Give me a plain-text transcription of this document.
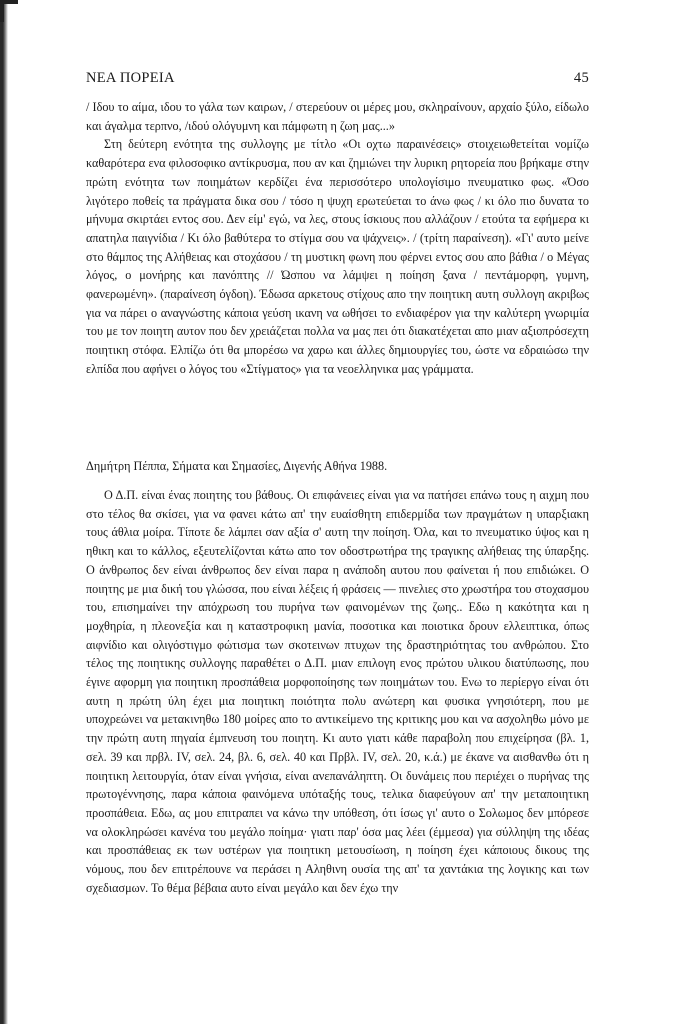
ΝΕΑ ΠΟΡΕΙΑ	45

/ Ιδου το αίμα, ιδου το γάλα των καιρων, / στερεύουν οι μέρες μου, σκληραίνουν, αρχαίο ξύλο, είδωλο και άγαλμα τερπνο, /ιδού ολόγυμνη και πάμφωτη η ζωη μας...»

Στη δεύτερη ενότητα της συλλογης με τίτλο «Οι οχτω παραινέσεις» στοιχειωθετείται νομίζω καθαρότερα ενα φιλοσοφικο αντίκρυσμα, που αν και ζημιώνει την λυρικη ρητορεία που βρήκαμε στην πρώτη ενότητα των ποιημάτων κερδίζει ένα περισσότερο υπολογίσιμο πνευματικο φως. «Όσο λιγότερο ποθείς τα πράγματα δικα σου / τόσο η ψυχη ερωτεύεται το άνω φως / κι όλο πιο δυνατα το μήνυμα σκιρτάει εντος σου. Δεν είμ' εγώ, να λες, στους ίσκιους που αλλάζουν / ετούτα τα εφήμερα κι απατηλα παιγνίδια / Κι όλο βαθύτερα το στίγμα σου να ψάχνεις». / (τρίτη παραίνεση). «Γι' αυτο μείνε στο θάμπος της Αλήθειας και στοχάσου / τη μυστικη φωνη που φέρνει εντος σου απο βάθια / ο Μέγας λόγος, ο μονήρης και πανόπτης // Ώσπου να λάμψει η ποίηση ξανα / πεντάμορφη, γυμνη, φανερωμένη». (παραίνεση όγδοη). Έδωσα αρκετους στίχους απο την ποιητικη αυτη συλλογη ακριβως για να πάρει ο αναγνώστης κάποια γεύση ικανη να ωθήσει το ενδιαφέρον για την καλύτερη γνωριμία του με τον ποιητη αυτον που δεν χρειάζεται πολλα να μας πει ότι διακατέχεται απο μιαν αξιοπρόσεχτη ποιητικη στόφα. Ελπίζω ότι θα μπορέσω να χαρω και άλλες δημιουργίες του, ώστε να εδραιώσω την ελπίδα που αφήνει ο λόγος του «Στίγματος» για τα νεοελληνικα μας γράμματα.

Δημήτρη Πέππα, Σήματα και Σημασίες, Διγενής Αθήνα 1988.

Ο Δ.Π. είναι ένας ποιητης του βάθους. Οι επιφάνειες είναι για να πατήσει επάνω τους η αιχμη που στο τέλος θα σκίσει, για να φανει κάτω απ' την ευαίσθητη επιδερμίδα των πραγμάτων η υπαρξιακη τους άθλια μοίρα. Τίποτε δε λάμπει σαν αξία σ' αυτη την ποίηση. Όλα, και το πνευματικο ύψος και η ηθικη και το κάλλος, εξευτελίζονται κάτω απο τον οδοστρωτήρα της τραγικης αλήθειας της ύπαρξης. Ο άνθρωπος δεν είναι άνθρωπος δεν είναι παρα η ανάποδη αυτου που φαίνεται ή που επιδιώκει. Ο ποιητης με μια δική του γλώσσα, που είναι λέξεις ή φράσεις — πινελιες στο χρωστήρα του στοχασμου του, επισημαίνει την απόχρωση του πυρήνα των φαινομένων της ζωης.. Εδω η κακότητα και η μοχθηρία, η πλεονεξία και η καταστροφικη μανία, ποσοτικα και ποιοτικα δρουν ελλειπτικα, όπως αιφνίδιο και ολιγόστιγμο φώτισμα των σκοτεινων πτυχων της δραστηριότητας του ανθρώπου. Στο τέλος της ποιητικης συλλογης παραθέτει ο Δ.Π. μιαν επιλογη ενος πρώτου υλικου διατύπωσης, που έγινε αφορμη για ποιητικη προσπάθεια μορφοποίησης των ποιημάτων του. Ενω το περίεργο είναι ότι αυτη η πρώτη ύλη έχει μια ποιητικη ποιότητα πολυ ανώτερη και φυσικα γνησιότερη, που με υποχρεώνει να μετακινηθω 180 μοίρες απο το αντικείμενο της κριτικης μου και να ασχοληθω μόνο με την πρώτη αυτη πηγαία έμπνευση του ποιητη. Κι αυτο γιατι κάθε παραβολη που επιχείρησα (βλ. 1, σελ. 39 και πρβλ. IV, σελ. 24, βλ. 6, σελ. 40 και Πρβλ. IV, σελ. 20, κ.ά.) με έκανε να αισθανθω ότι η ποιητικη λειτουργία, όταν είναι γνήσια, είναι ανεπανάληπτη. Οι δυνάμεις που περιέχει ο πυρήνας της πρωτογέννησης, παρα κάποια φαινόμενα υπόταξής τους, τελικα διαφεύγουν απ' την μεταποιητικη προσπάθεια. Εδω, ας μου επιτραπει να κάνω την υπόθεση, ότι ίσως γι' αυτο ο Σολωμος δεν μπόρεσε να ολοκληρώσει κανένα του μεγάλο ποίημα· γιατι παρ' όσα μας λέει (έμμεσα) για σύλληψη της ιδέας και προσπάθειας εκ των υστέρων για ποιητικη μετουσίωση, η ποίηση έχει κάποιους δικους της νόμους, που δεν επιτρέπουνε να περάσει η Αληθινη ουσία της απ' τα χαντάκια της λογικης και των σχεδιασμων. Το θέμα βέβαια αυτο είναι μεγάλο και δεν έχω την
